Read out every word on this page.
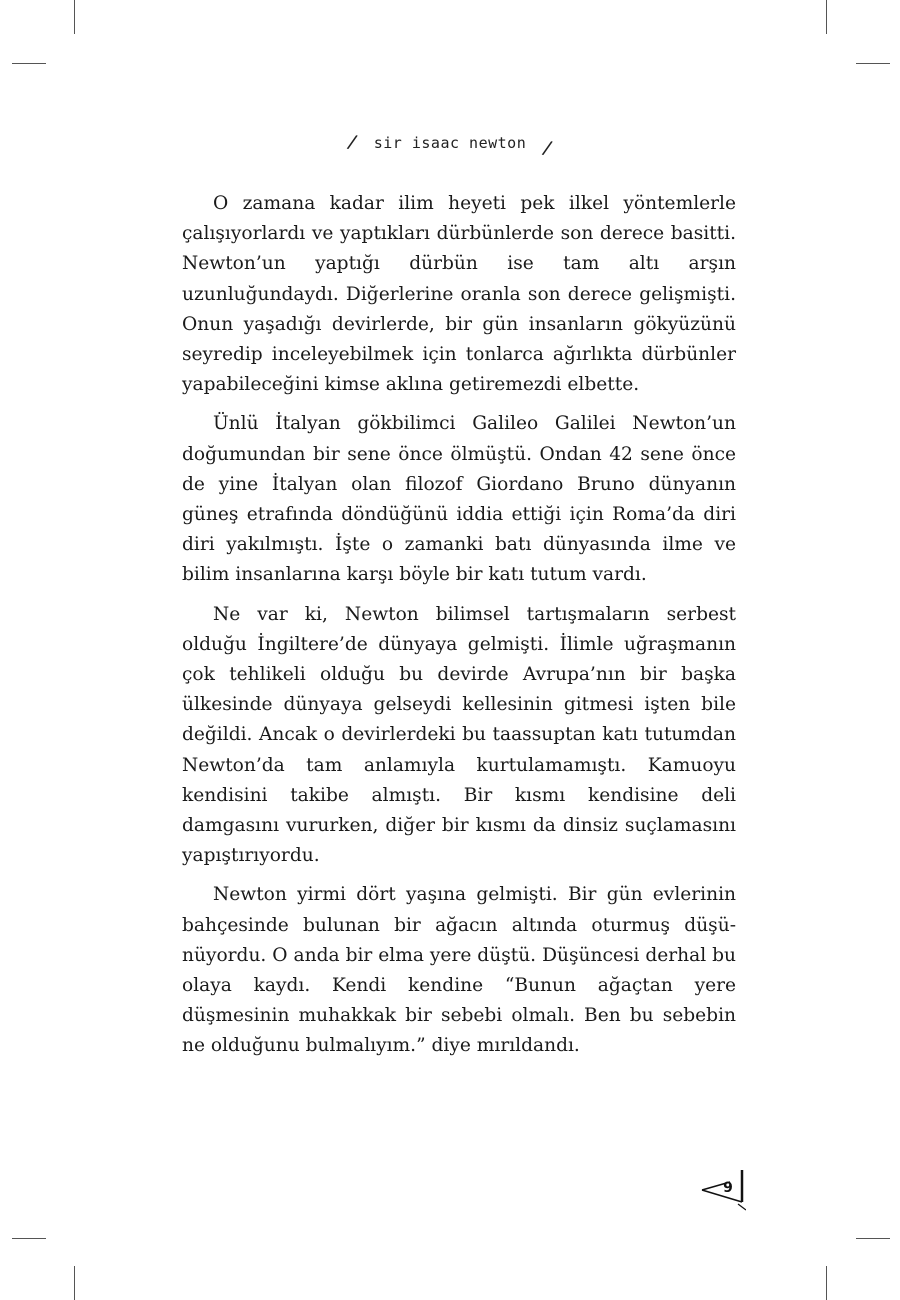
/ sir isaac newton /

O zamana kadar ilim heyeti pek ilkel yöntemlerle çalışıyorlardı ve yaptıkları dürbünlerde son derece basitti. Newton’un yaptığı dürbün ise tam altı arşın uzunluğundaydı. Diğerlerine oranla son derece gelişmişti. Onun yaşadığı devirlerde, bir gün insanların gökyüzünü seyredip inceleyebilmek için tonlarca ağırlıkta dürbünler yapabileceğini kimse aklına getiremezdi elbette.

Ünlü İtalyan gökbilimci Galileo Galilei Newton’un doğumundan bir sene önce ölmüştü. Ondan 42 sene önce de yine İtalyan olan filozof Giordano Bruno dünyanın güneş etrafında döndüğünü iddia ettiği için Roma’da diri diri yakılmıştı. İşte o zamanki batı dünyasında ilme ve bilim insanlarına karşı böyle bir katı tutum vardı.

Ne var ki, Newton bilimsel tartışmaların serbest olduğu İngiltere’de dünyaya gelmişti. İlimle uğraşmanın çok tehlikeli olduğu bu devirde Avrupa’nın bir başka ülkesinde dünyaya gelseydi kellesinin gitmesi işten bile değildi. Ancak o devirlerdeki bu taassuptan katı tutumdan Newton’da tam anlamıyla kurtulamamıştı. Kamuoyu kendisini takibe almıştı. Bir kısmı kendisine deli damgasını vururken, diğer bir kısmı da dinsiz suçlamasını yapıştırıyordu.

Newton yirmi dört yaşına gelmişti. Bir gün evlerinin bahçesinde bulunan bir ağacın altında oturmuş düşünüyordu. O anda bir elma yere düştü. Düşüncesi derhal bu olaya kaydı. Kendi kendine “Bunun ağaçtan yere düşmesinin muhakkak bir sebebi olmalı. Ben bu sebebin ne olduğunu bulmalıyım.” diye mırıldandı.

9
